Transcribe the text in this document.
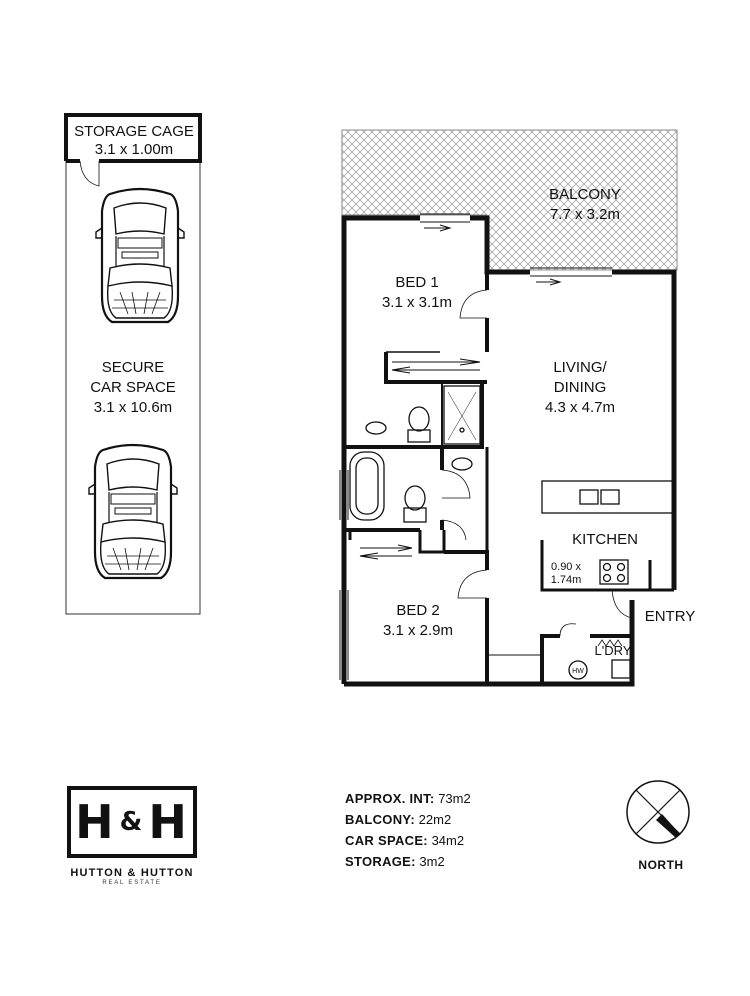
STORAGE CAGE
3.1 x 1.00m
SECURE
CAR SPACE
3.1 x 10.6m
BALCONY
7.7 x 3.2m
BED 1
3.1 x 3.1m
LIVING/
DINING
4.3 x 4.7m
KITCHEN
0.90 x
1.74m
ENTRY
L'DRY
HW
BED 2
3.1 x 2.9m
APPROX. INT: 73m2
BALCONY: 22m2
CAR SPACE: 34m2
STORAGE: 3m2
H & H
HUTTON & HUTTON
REAL ESTATE
NORTH
